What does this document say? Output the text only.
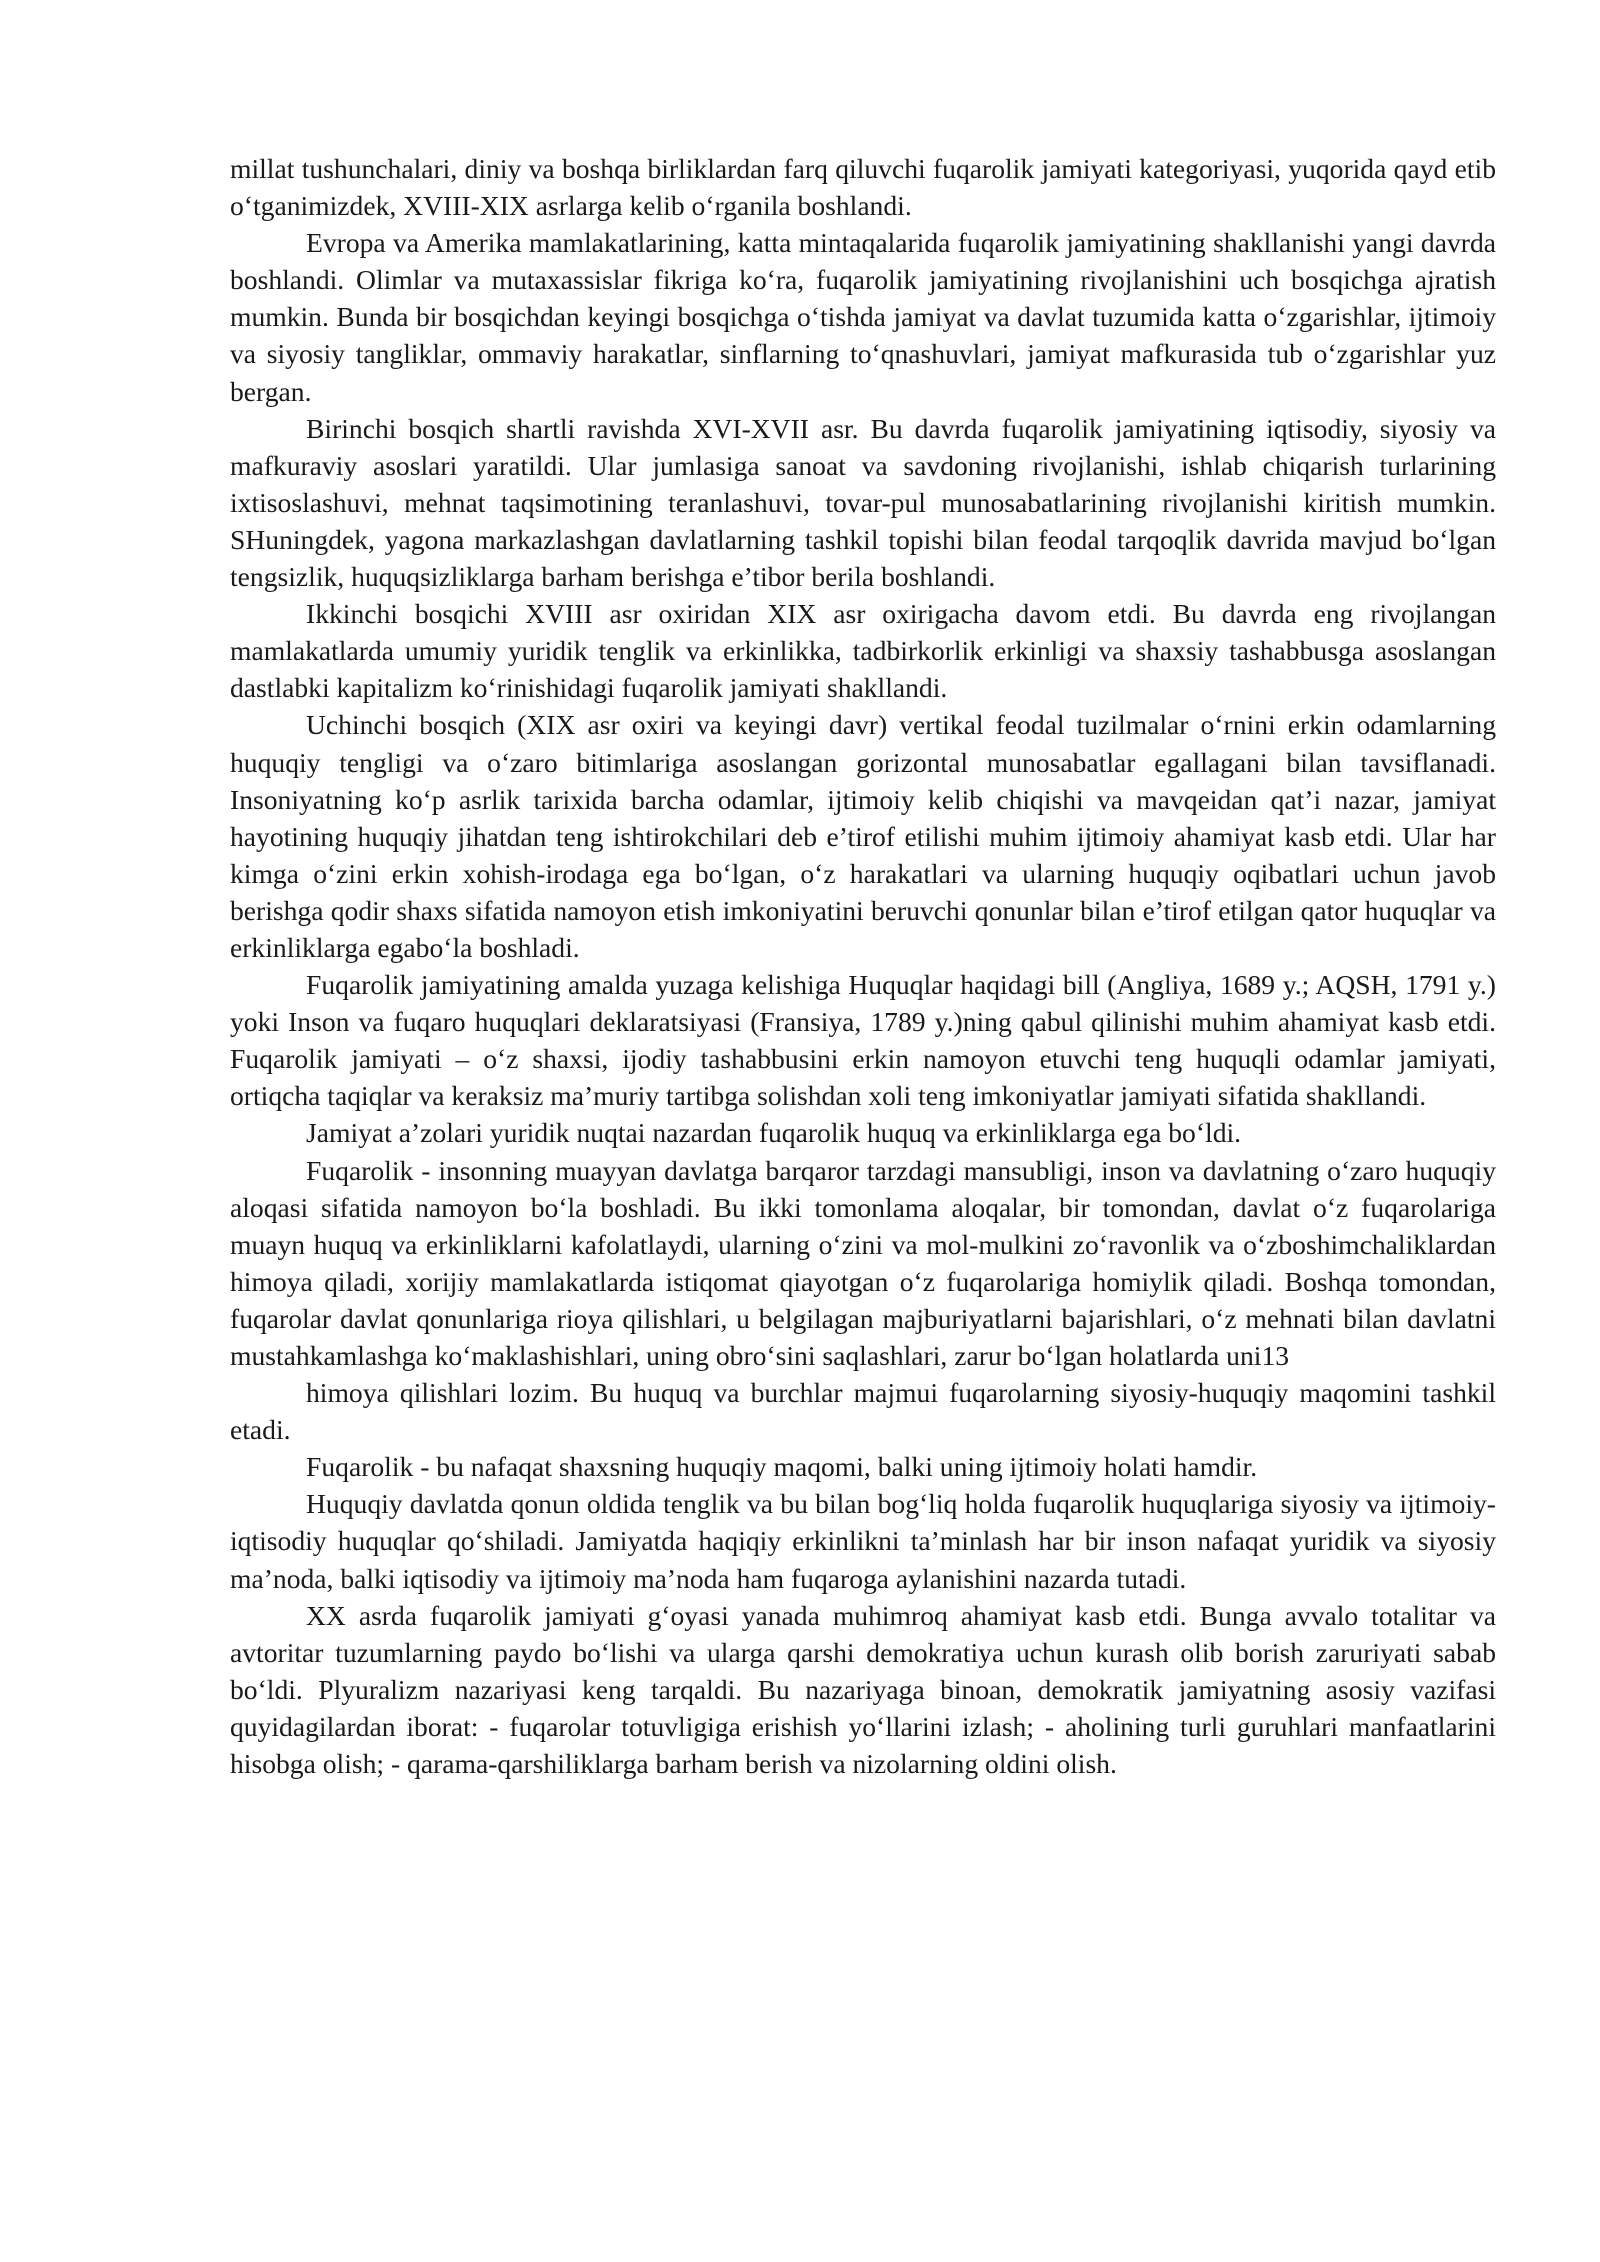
millat tushunchalari, diniy va boshqa birliklardan farq qiluvchi fuqarolik jamiyati kategoriyasi, yuqorida qayd etib o‘tganimizdek, XVIII-XIX asrlarga kelib o‘rganila boshlandi.

Evropa va Amerika mamlakatlarining, katta mintaqalarida fuqarolik jamiyatining shakllanishi yangi davrda boshlandi. Olimlar va mutaxassislar fikriga ko‘ra, fuqarolik jamiyatining rivojlanishini uch bosqichga ajratish mumkin. Bunda bir bosqichdan keyingi bosqichga o‘tishda jamiyat va davlat tuzumida katta o‘zgarishlar, ijtimoiy va siyosiy tangliklar, ommaviy harakatlar, sinflarning to‘qnashuvlari, jamiyat mafkurasida tub o‘zgarishlar yuz bergan.

Birinchi bosqich shartli ravishda XVI-XVII asr. Bu davrda fuqarolik jamiyatining iqtisodiy, siyosiy va mafkuraviy asoslari yaratildi. Ular jumlasiga sanoat va savdoning rivojlanishi, ishlab chiqarish turlarining ixtisoslashuvi, mehnat taqsimotining teranlashuvi, tovar-pul munosabatlarining rivojlanishi kiritish mumkin. SHuningdek, yagona markazlashgan davlatlarning tashkil topishi bilan feodal tarqoqlik davrida mavjud bo‘lgan tengsizlik, huquqsizliklarga barham berishga e’tibor berila boshlandi.

Ikkinchi bosqichi XVIII asr oxiridan XIX asr oxirigacha davom etdi. Bu davrda eng rivojlangan mamlakatlarda umumiy yuridik tenglik va erkinlikka, tadbirkorlik erkinligi va shaxsiy tashabbusga asoslangan dastlabki kapitalizm ko‘rinishidagi fuqarolik jamiyati shakllandi.

Uchinchi bosqich (XIX asr oxiri va keyingi davr) vertikal feodal tuzilmalar o‘rnini erkin odamlarning huquqiy tengligi va o‘zaro bitimlariga asoslangan gorizontal munosabatlar egallagani bilan tavsiflanadi. Insoniyatning ko‘p asrlik tarixida barcha odamlar, ijtimoiy kelib chiqishi va mavqeidan qat’i nazar, jamiyat hayotining huquqiy jihatdan teng ishtirokchilari deb e’tirof etilishi muhim ijtimoiy ahamiyat kasb etdi. Ular har kimga o‘zini erkin xohish-irodaga ega bo‘lgan, o‘z harakatlari va ularning huquqiy oqibatlari uchun javob berishga qodir shaxs sifatida namoyon etish imkoniyatini beruvchi qonunlar bilan e’tirof etilgan qator huquqlar va erkinliklarga egabo‘la boshladi.

Fuqarolik jamiyatining amalda yuzaga kelishiga Huquqlar haqidagi bill (Angliya, 1689 y.; AQSH, 1791 y.) yoki Inson va fuqaro huquqlari deklaratsiyasi (Fransiya, 1789 y.)ning qabul qilinishi muhim ahamiyat kasb etdi. Fuqarolik jamiyati – o‘z shaxsi, ijodiy tashabbusini erkin namoyon etuvchi teng huquqli odamlar jamiyati, ortiqcha taqiqlar va keraksiz ma’muriy tartibga solishdan xoli teng imkoniyatlar jamiyati sifatida shakllandi.

Jamiyat a’zolari yuridik nuqtai nazardan fuqarolik huquq va erkinliklarga ega bo‘ldi.

Fuqarolik - insonning muayyan davlatga barqaror tarzdagi mansubligi, inson va davlatning o‘zaro huquqiy aloqasi sifatida namoyon bo‘la boshladi. Bu ikki tomonlama aloqalar, bir tomondan, davlat o‘z fuqarolariga muayn huquq va erkinliklarni kafolatlaydi, ularning o‘zini va mol-mulkini zo‘ravonlik va o‘zboshimchaliklardan himoya qiladi, xorijiy mamlakatlarda istiqomat qiayotgan o‘z fuqarolariga homiylik qiladi. Boshqa tomondan, fuqarolar davlat qonunlariga rioya qilishlari, u belgilagan majburiyatlarni bajarishlari, o‘z mehnati bilan davlatni mustahkamlashga ko‘maklashishlari, uning obro‘sini saqlashlari, zarur bo‘lgan holatlarda uni13

himoya qilishlari lozim. Bu huquq va burchlar majmui fuqarolarning siyosiy-huquqiy maqomini tashkil etadi.

Fuqarolik - bu nafaqat shaxsning huquqiy maqomi, balki uning ijtimoiy holati hamdir.

Huquqiy davlatda qonun oldida tenglik va bu bilan bog‘liq holda fuqarolik huquqlariga siyosiy va ijtimoiy-iqtisodiy huquqlar qo‘shiladi. Jamiyatda haqiqiy erkinlikni ta’minlash har bir inson nafaqat yuridik va siyosiy ma’noda, balki iqtisodiy va ijtimoiy ma’noda ham fuqaroga aylanishini nazarda tutadi.

XX asrda fuqarolik jamiyati g‘oyasi yanada muhimroq ahamiyat kasb etdi. Bunga avvalo totalitar va avtoritar tuzumlarning paydo bo‘lishi va ularga qarshi demokratiya uchun kurash olib borish zaruriyati sabab bo‘ldi. Plyuralizm nazariyasi keng tarqaldi. Bu nazariyaga binoan, demokratik jamiyatning asosiy vazifasi quyidagilardan iborat: - fuqarolar totuvligiga erishish yo‘llarini izlash; - aholining turli guruhlari manfaatlarini hisobga olish; - qarama-qarshiliklarga barham berish va nizolarning oldini olish.
